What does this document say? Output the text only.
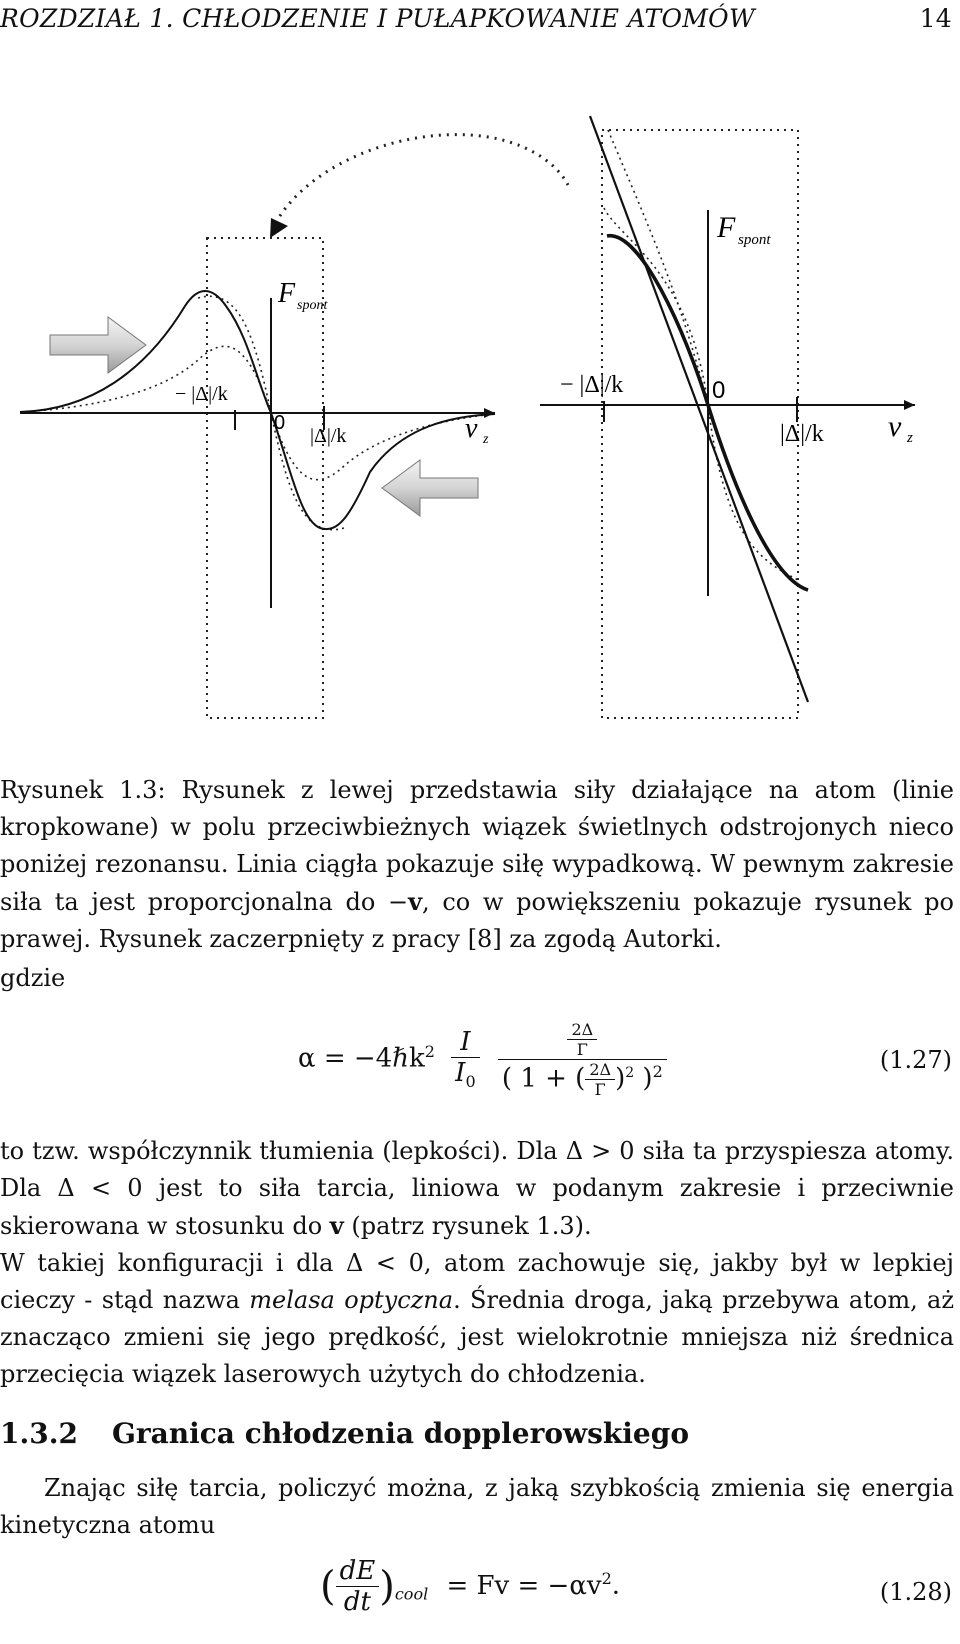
ROZDZIAŁ 1. CHŁODZENIE I PUŁAPKOWANIE ATOMÓW	14
F spont
− |Δ|/k
0
|Δ|/k	v z
F spont
− |Δ|/k	0
|Δ|/k v z
Rysunek 1.3: Rysunek z lewej przedstawia siły działające na atom (linie kropkowane) w polu przeciwbieżnych wiązek świetlnych odstrojonych nieco poniżej rezonansu. Linia ciągła pokazuje siłę wypadkową. W pewnym zakresie siła ta jest proporcjonalna do −v, co w powiększeniu pokazuje rysunek po prawej. Rysunek zaczerpnięty z pracy [8] za zgodą Autorki.
gdzie
α = −4ℏk$^2$ $\frac{I}{I_0}$
$\frac{\frac{2\Delta}{\Gamma}}{( 1 + ( \frac{2\Delta}{\Gamma} )^2 )^2}$	(1.27)
to tzw. współczynnik tłumienia (lepkości). Dla Δ > 0 siła ta przyspiesza atomy. Dla Δ < 0 jest to siła tarcia, liniowa w podanym zakresie i przeciwnie skierowana w stosunku do v (patrz rysunek 1.3).
W takiej konfiguracji i dla Δ < 0, atom zachowuje się, jakby był w lepkiej cieczy - stąd nazwa melasa optyczna. Średnia droga, jaką przebywa atom, aż znacząco zmieni się jego prędkość, jest wielokrotnie mniejsza niż średnica przecięcia wiązek laserowych użytych do chłodzenia.
1.3.2 Granica chłodzenia dopplerowskiego
Znając siłę tarcia, policzyć można, z jaką szybkością zmienia się energia kinetyczna atomu
( $\frac{dE}{dt} )_{cool} = Fv = -\alpha v^2$.	(1.28)
